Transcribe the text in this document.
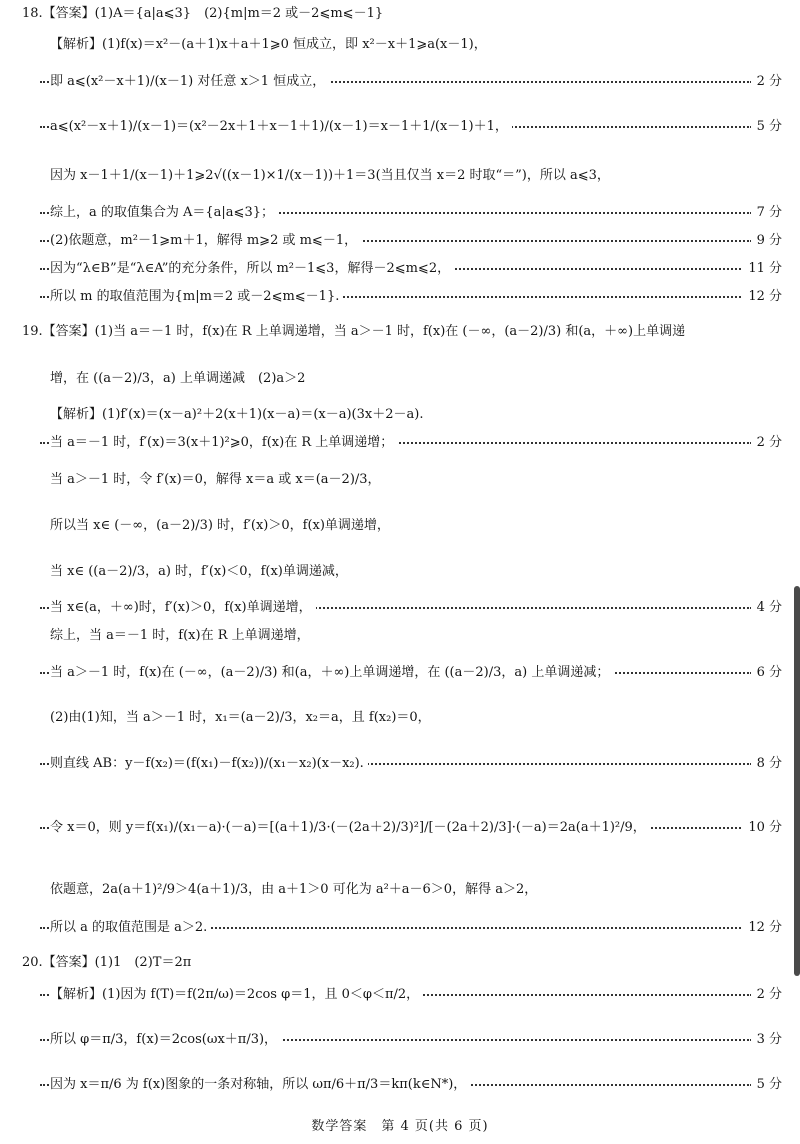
18.【答案】(1)A＝{a|a⩽3}　(2){m|m＝2 或－2⩽m⩽－1}
【解析】(1)f(x)＝x²－(a＋1)x＋a＋1⩾0 恒成立，即 x²－x＋1⩾a(x－1)，
即 a⩽(x²－x＋1)/(x－1) 对任意 x＞1 恒成立，	2 分
a⩽(x²－x＋1)/(x－1)＝(x²－2x＋1＋x－1＋1)/(x－1)＝x－1＋1/(x－1)＋1，	5 分
因为 x－1＋1/(x－1)＋1⩾2√((x－1)×1/(x－1))＋1＝3(当且仅当 x＝2 时取“＝”)，所以 a⩽3，
综上，a 的取值集合为 A＝{a|a⩽3}；	7 分
(2)依题意，m²－1⩾m＋1，解得 m⩾2 或 m⩽－1，	9 分
因为“λ∈B”是“λ∈A”的充分条件，所以 m²－1⩽3，解得－2⩽m⩽2，	11 分
所以 m 的取值范围为{m|m＝2 或－2⩽m⩽－1}.	12 分
19.【答案】(1)当 a＝－1 时，f(x)在 R 上单调递增，当 a＞－1 时，f(x)在 (－∞，(a－2)/3) 和(a，＋∞)上单调递
增，在 ((a－2)/3，a) 上单调递减　(2)a＞2
【解析】(1)f′(x)＝(x－a)²＋2(x＋1)(x－a)＝(x－a)(3x＋2－a).
当 a＝－1 时，f′(x)＝3(x＋1)²⩾0，f(x)在 R 上单调递增；	2 分
当 a＞－1 时，令 f′(x)＝0，解得 x＝a 或 x＝(a－2)/3，
所以当 x∈ (－∞，(a－2)/3) 时，f′(x)＞0，f(x)单调递增，
当 x∈ ((a－2)/3，a) 时，f′(x)＜0，f(x)单调递减，
当 x∈(a，＋∞)时，f′(x)＞0，f(x)单调递增，	4 分
综上，当 a＝－1 时，f(x)在 R 上单调递增，
当 a＞－1 时，f(x)在 (－∞，(a－2)/3) 和(a，＋∞)上单调递增，在 ((a－2)/3，a) 上单调递减；	6 分
(2)由(1)知，当 a＞－1 时，x₁＝(a－2)/3，x₂＝a，且 f(x₂)＝0，
则直线 AB：y－f(x₂)＝(f(x₁)－f(x₂))/(x₁－x₂)(x－x₂).	8 分
令 x＝0，则 y＝f(x₁)/(x₁－a)·(－a)＝[(a＋1)/3·(－(2a＋2)/3)²]/[－(2a＋2)/3]·(－a)＝2a(a＋1)²/9，	10 分
依题意，2a(a＋1)²/9＞4(a＋1)/3，由 a＋1＞0 可化为 a²＋a－6＞0，解得 a＞2，
所以 a 的取值范围是 a＞2.	12 分
20.【答案】(1)1　(2)T＝2π
【解析】(1)因为 f(T)＝f(2π/ω)＝2cos φ＝1，且 0＜φ＜π/2，	2 分
所以 φ＝π/3，f(x)＝2cos(ωx＋π/3)，	3 分
因为 x＝π/6 为 f(x)图象的一条对称轴，所以 ωπ/6＋π/3＝kπ(k∈N*)，	5 分
数学答案　第 4 页(共 6 页)
